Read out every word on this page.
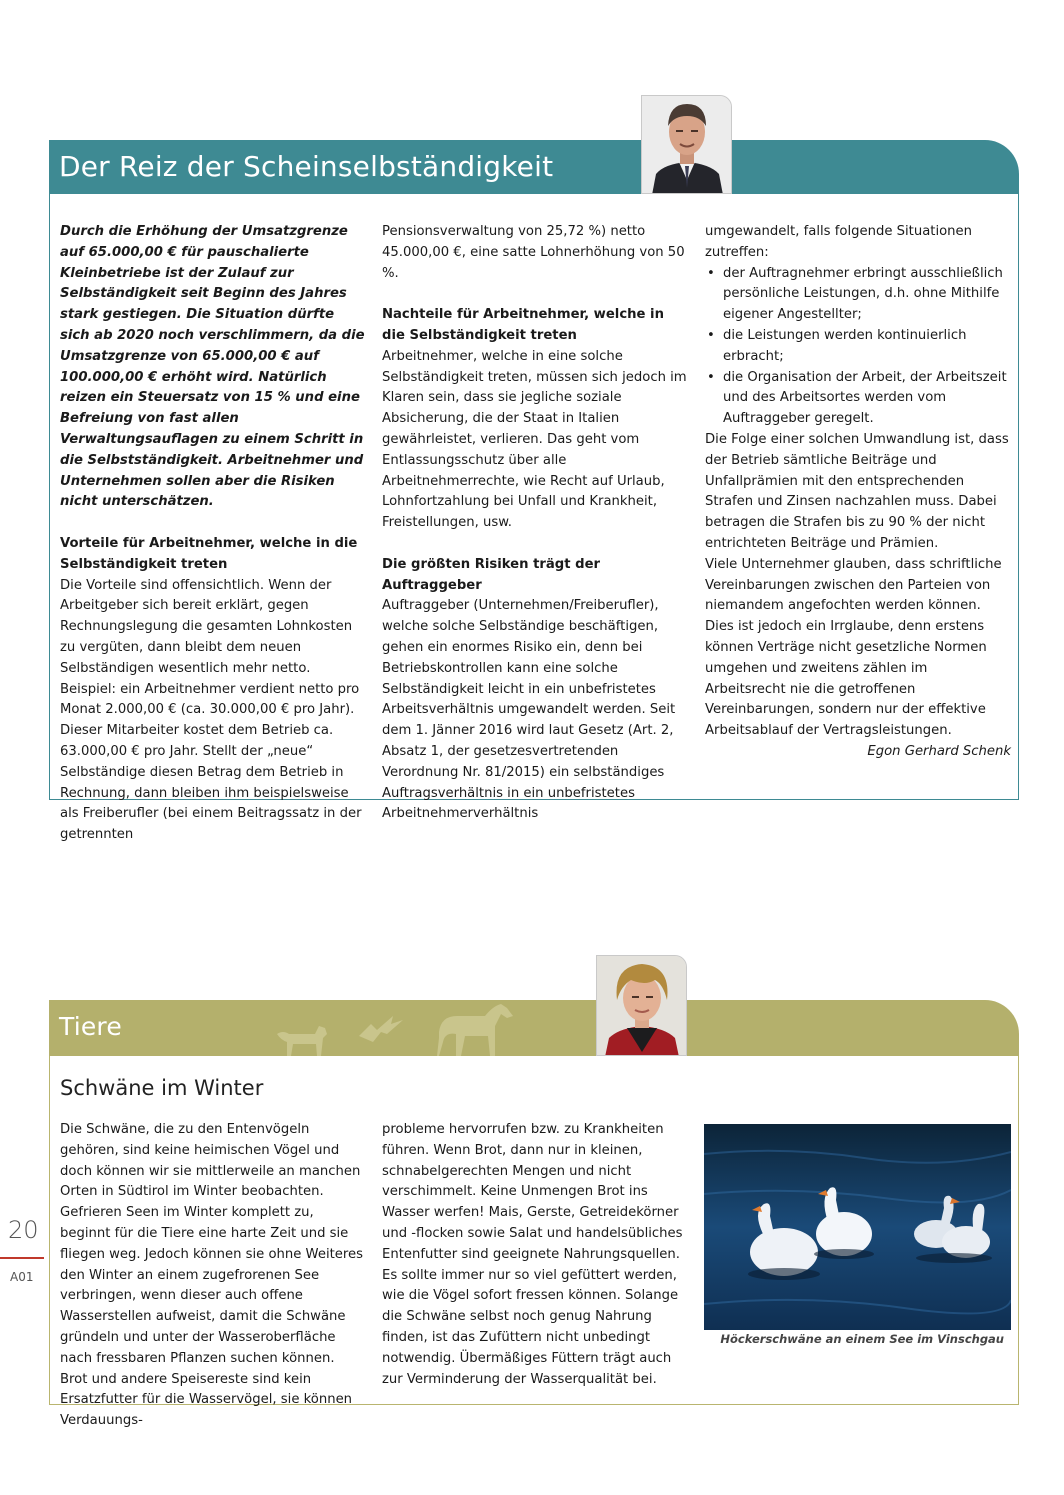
Der Reiz der Scheinselbständigkeit

Durch die Erhöhung der Umsatzgrenze auf 65.000,00 € für pauschalierte Kleinbetriebe ist der Zulauf zur Selbständigkeit seit Beginn des Jahres stark gestiegen. Die Situation dürfte sich ab 2020 noch verschlimmern, da die Umsatzgrenze von 65.000,00 € auf 100.000,00 € erhöht wird. Natürlich reizen ein Steuersatz von 15 % und eine Befreiung von fast allen Verwaltungsauflagen zu einem Schritt in die Selbstständigkeit. Arbeitnehmer und Unternehmen sollen aber die Risiken nicht unterschätzen.

Vorteile für Arbeitnehmer, welche in die Selbständigkeit treten

Die Vorteile sind offensichtlich. Wenn der Arbeitgeber sich bereit erklärt, gegen Rechnungslegung die gesamten Lohnkosten zu vergüten, dann bleibt dem neuen Selbständigen wesentlich mehr netto. Beispiel: ein Arbeitnehmer verdient netto pro Monat 2.000,00 € (ca. 30.000,00 € pro Jahr). Dieser Mitarbeiter kostet dem Betrieb ca. 63.000,00 € pro Jahr. Stellt der „neue“ Selbständige diesen Betrag dem Betrieb in Rechnung, dann bleiben ihm beispielsweise als Freiberufler (bei einem Beitragssatz in der getrennten

Pensionsverwaltung von 25,72 %) netto 45.000,00 €, eine satte Lohnerhöhung von 50 %.

Nachteile für Arbeitnehmer, welche in die Selbständigkeit treten

Arbeitnehmer, welche in eine solche Selbständigkeit treten, müssen sich jedoch im Klaren sein, dass sie jegliche soziale Absicherung, die der Staat in Italien gewährleistet, verlieren. Das geht vom Entlassungsschutz über alle Arbeitnehmerrechte, wie Recht auf Urlaub, Lohnfortzahlung bei Unfall und Krankheit, Freistellungen, usw.

Die größten Risiken trägt der Auftraggeber

Auftraggeber (Unternehmen/Freiberufler), welche solche Selbständige beschäftigen, gehen ein enormes Risiko ein, denn bei Betriebskontrollen kann eine solche Selbständigkeit leicht in ein unbefristetes Arbeitsverhältnis umgewandelt werden. Seit dem 1. Jänner 2016 wird laut Gesetz (Art. 2, Absatz 1, der gesetzesvertretenden Verordnung Nr. 81/2015) ein selbständiges Auftragsverhältnis in ein unbefristetes Arbeitnehmerverhältnis

umgewandelt, falls folgende Situationen zutreffen:

• der Auftragnehmer erbringt ausschließlich persönliche Leistungen, d.h. ohne Mithilfe eigener Angestellter;
• die Leistungen werden kontinuierlich erbracht;
• die Organisation der Arbeit, der Arbeitszeit und des Arbeitsortes werden vom Auftraggeber geregelt.

Die Folge einer solchen Umwandlung ist, dass der Betrieb sämtliche Beiträge und Unfallprämien mit den entsprechenden Strafen und Zinsen nachzahlen muss. Dabei betragen die Strafen bis zu 90 % der nicht entrichteten Beiträge und Prämien.

Viele Unternehmer glauben, dass schriftliche Vereinbarungen zwischen den Parteien von niemandem angefochten werden können. Dies ist jedoch ein Irrglaube, denn erstens können Verträge nicht gesetzliche Normen umgehen und zweitens zählen im Arbeitsrecht nie die getroffenen Vereinbarungen, sondern nur der effektive Arbeitsablauf der Vertragsleistungen.

Egon Gerhard Schenk

Tiere
Schwäne im Winter

Die Schwäne, die zu den Entenvögeln gehören, sind keine heimischen Vögel und doch können wir sie mittlerweile an manchen Orten in Südtirol im Winter beobachten. Gefrieren Seen im Winter komplett zu, beginnt für die Tiere eine harte Zeit und sie fliegen weg. Jedoch können sie ohne Weiteres den Winter an einem zugefrorenen See verbringen, wenn dieser auch offene Wasserstellen aufweist, damit die Schwäne gründeln und unter der Wasseroberfläche nach fressbaren Pflanzen suchen können. Brot und andere Speisereste sind kein Ersatzfutter für die Wasservögel, sie können Verdauungs-

probleme hervorrufen bzw. zu Krankheiten führen. Wenn Brot, dann nur in kleinen, schnabelgerechten Mengen und nicht verschimmelt. Keine Unmengen Brot ins Wasser werfen! Mais, Gerste, Getreidekörner und -flocken sowie Salat und handelsübliches Entenfutter sind geeignete Nahrungsquellen. Es sollte immer nur so viel gefüttert werden, wie die Vögel sofort fressen können. Solange die Schwäne selbst noch genug Nahrung finden, ist das Zufüttern nicht unbedingt notwendig. Übermäßiges Füttern trägt auch zur Verminderung der Wasserqualität bei.

Höckerschwäne an einem See im Vinschgau
20
A01
